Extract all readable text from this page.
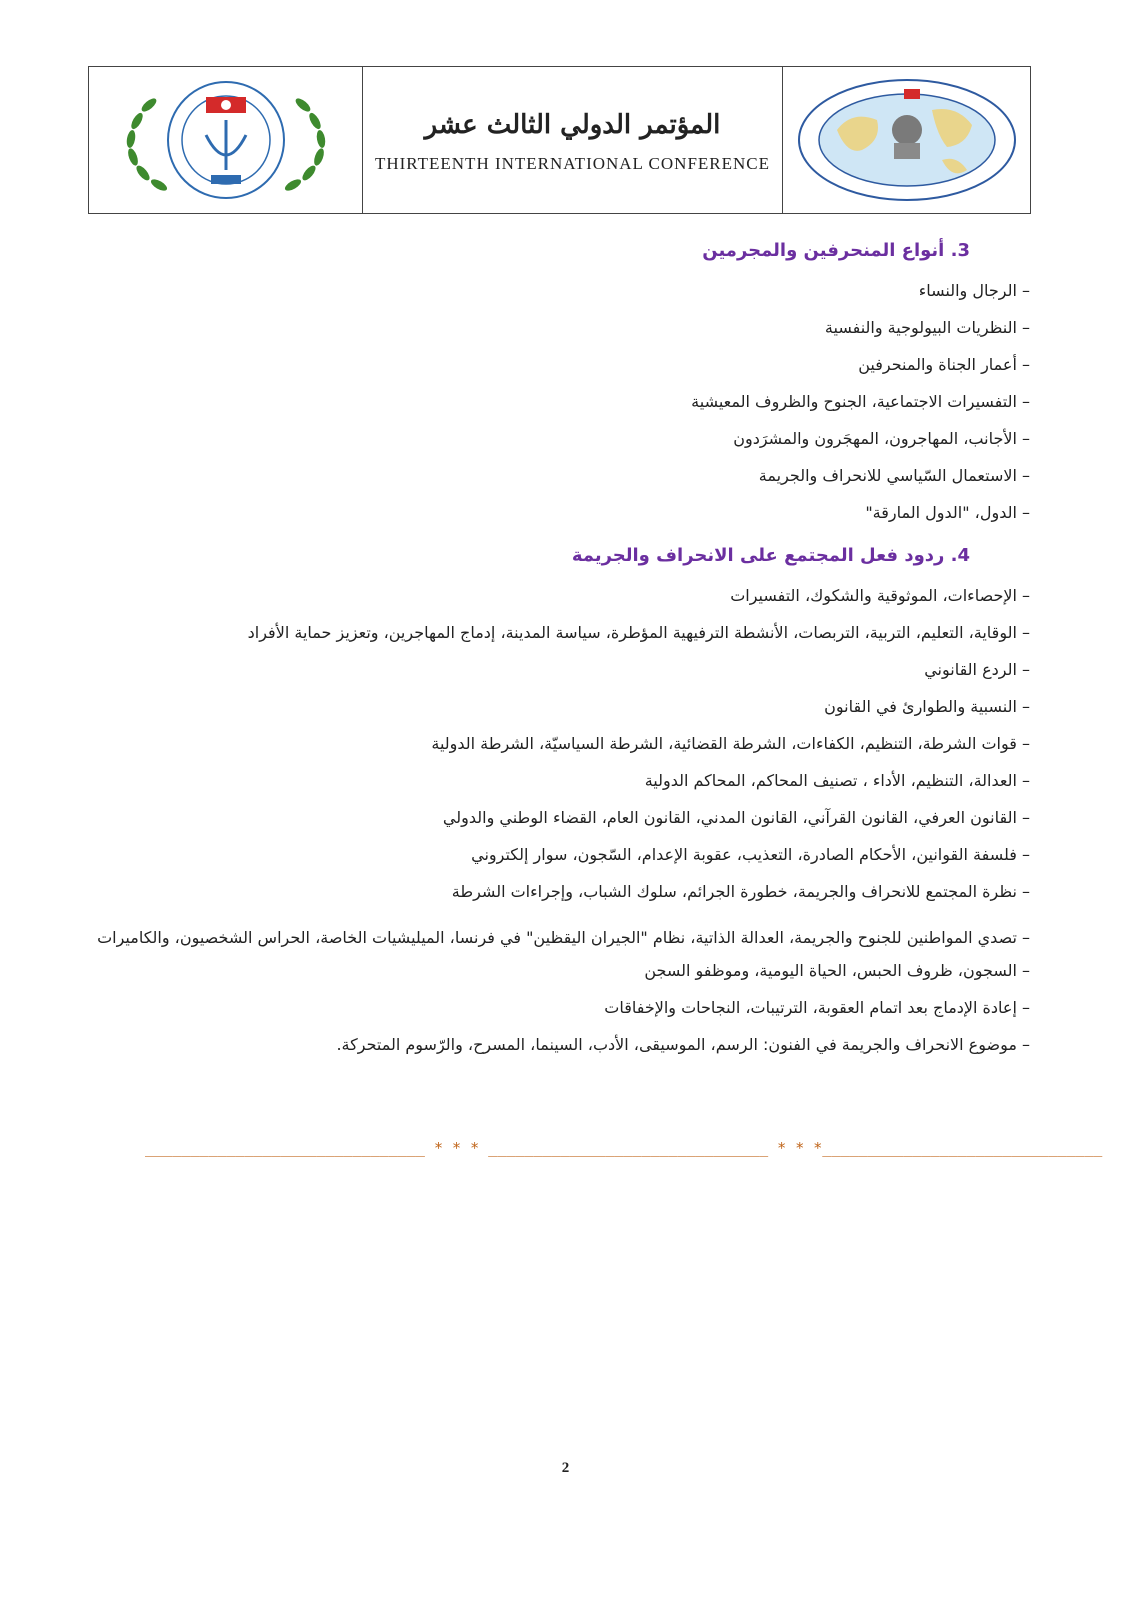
المؤتمر الدولي الثالث عشر
THIRTEENTH INTERNATIONAL CONFERENCE
3. أنواع المنحرفين والمجرمين
– الرجال والنساء
– النظريات البيولوجية والنفسية
– أعمار الجناة والمنحرفين
– التفسيرات الاجتماعية، الجنوح والظروف المعيشية
– الأجانب، المهاجرون، المهجَرون والمشرَدون
– الاستعمال السّياسي للانحراف والجريمة
– الدول، "الدول المارقة"
4. ردود فعل المجتمع على الانحراف والجريمة
– الإحصاءات، الموثوقية والشكوك، التفسيرات
– الوقاية، التعليم، التربية، التربصات، الأنشطة الترفيهية المؤطرة، سياسة المدينة، إدماج المهاجرين، وتعزيز حماية الأفراد
– الردع القانوني
– النسبية والطوارئ في القانون
– قوات الشرطة، التنظيم، الكفاءات، الشرطة القضائية، الشرطة السياسيّة، الشرطة الدولية
– العدالة، التنظيم، الأداء ، تصنيف المحاكم، المحاكم الدولية
– القانون العرفي، القانون القرآني، القانون المدني، القانون العام، القضاء الوطني والدولي
– فلسفة القوانين، الأحكام الصادرة، التعذيب، عقوبة الإعدام، السّجون، سوار إلكتروني
– نظرة المجتمع للانحراف والجريمة، خطورة الجرائم، سلوك الشباب، وإجراءات الشرطة
– تصدي المواطنين للجنوح والجريمة، العدالة الذاتية، نظام "الجيران اليقظين" في فرنسا، الميليشيات الخاصة، الحراس الشخصيون، والكاميرات
– السجون، ظروف الحبس، الحياة اليومية، وموظفو السجن
– إعادة الإدماج بعد اتمام العقوبة، الترتيبات، النجاحات والإخفاقات
– موضوع الانحراف والجريمة في الفنون: الرسم، الموسيقى، الأدب، السينما، المسرح، والرّسوم المتحركة.
_______________________________ * * * _______________________________ * * *_______________________________
2
